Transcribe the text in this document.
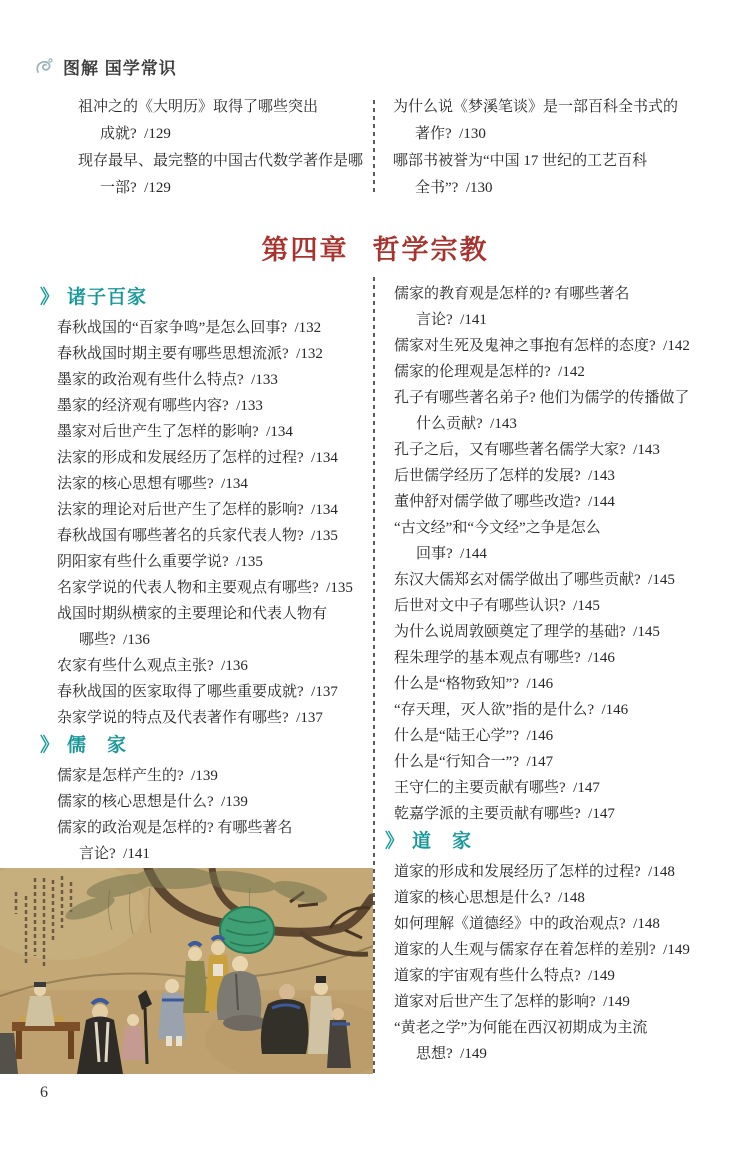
图解 国学常识

祖冲之的《大明历》取得了哪些突出

成就?  /129

现存最早、最完整的中国古代数学著作是哪

一部?  /129

为什么说《梦溪笔谈》是一部百科全书式的

著作?  /130

哪部书被誉为“中国 17 世纪的工艺百科

全书”?  /130

第四章 哲学宗教
》 诸子百家

春秋战国的“百家争鸣”是怎么回事?  /132

春秋战国时期主要有哪些思想流派?  /132

墨家的政治观有些什么特点?  /133

墨家的经济观有哪些内容?  /133

墨家对后世产生了怎样的影响?  /134

法家的形成和发展经历了怎样的过程?  /134

法家的核心思想有哪些?  /134

法家的理论对后世产生了怎样的影响?  /134

春秋战国有哪些著名的兵家代表人物?  /135

阴阳家有些什么重要学说?  /135

名家学说的代表人物和主要观点有哪些?  /135

战国时期纵横家的主要理论和代表人物有

哪些?  /136

农家有些什么观点主张?  /136

春秋战国的医家取得了哪些重要成就?  /137

杂家学说的特点及代表著作有哪些?  /137

》 儒　家

儒家是怎样产生的?  /139

儒家的核心思想是什么?  /139

儒家的政治观是怎样的? 有哪些著名

言论?  /141

儒家的教育观是怎样的? 有哪些著名

言论?  /141

儒家对生死及鬼神之事抱有怎样的态度?  /142

儒家的伦理观是怎样的?  /142

孔子有哪些著名弟子? 他们为儒学的传播做了

什么贡献?  /143

孔子之后，又有哪些著名儒学大家?  /143

后世儒学经历了怎样的发展?  /143

董仲舒对儒学做了哪些改造?  /144

“古文经”和“今文经”之争是怎么

回事?  /144

东汉大儒郑玄对儒学做出了哪些贡献?  /145

后世对文中子有哪些认识?  /145

为什么说周敦颐奠定了理学的基础?  /145

程朱理学的基本观点有哪些?  /146

什么是“格物致知”?  /146

“存天理，灭人欲”指的是什么?  /146

什么是“陆王心学”?  /146

什么是“行知合一”?  /147

王守仁的主要贡献有哪些?  /147

乾嘉学派的主要贡献有哪些?  /147

》 道　家

道家的形成和发展经历了怎样的过程?  /148

道家的核心思想是什么?  /148

如何理解《道德经》中的政治观点?  /148

道家的人生观与儒家存在着怎样的差别?  /149

道家的宇宙观有些什么特点?  /149

道家对后世产生了怎样的影响?  /149

“黄老之学”为何能在西汉初期成为主流

思想?  /149

6
